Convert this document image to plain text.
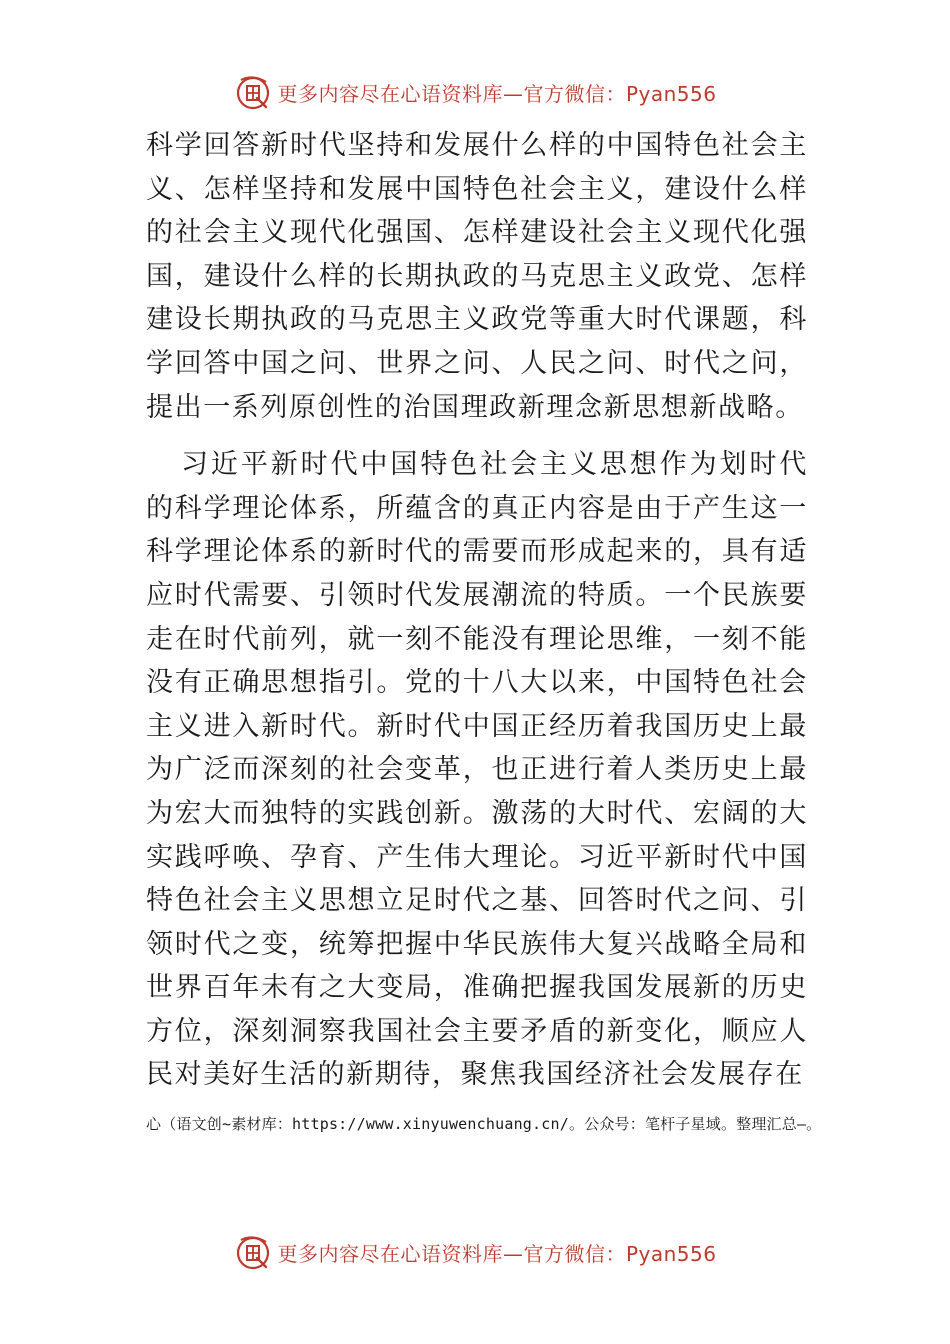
更多内容尽在心语资料库—官方微信：Pyan556

科学回答新时代坚持和发展什么样的中国特色社会主义、怎样坚持和发展中国特色社会主义，建设什么样的社会主义现代化强国、怎样建设社会主义现代化强国，建设什么样的长期执政的马克思主义政党、怎样建设长期执政的马克思主义政党等重大时代课题，科学回答中国之问、世界之问、人民之问、时代之问，提出一系列原创性的治国理政新理念新思想新战略。

习近平新时代中国特色社会主义思想作为划时代的科学理论体系，所蕴含的真正内容是由于产生这一科学理论体系的新时代的需要而形成起来的，具有适应时代需要、引领时代发展潮流的特质。一个民族要走在时代前列，就一刻不能没有理论思维，一刻不能没有正确思想指引。党的十八大以来，中国特色社会主义进入新时代。新时代中国正经历着我国历史上最为广泛而深刻的社会变革，也正进行着人类历史上最为宏大而独特的实践创新。激荡的大时代、宏阔的大实践呼唤、孕育、产生伟大理论。习近平新时代中国特色社会主义思想立足时代之基、回答时代之问、引领时代之变，统筹把握中华民族伟大复兴战略全局和世界百年未有之大变局，准确把握我国发展新的历史方位，深刻洞察我国社会主要矛盾的新变化，顺应人民对美好生活的新期待，聚焦我国经济社会发展存在

心（语文创~素材库：https://www.xinyuwenchuang.cn/。公众号：笔杆子星域。整理汇总—。
更多内容尽在心语资料库—官方微信：Pyan556
